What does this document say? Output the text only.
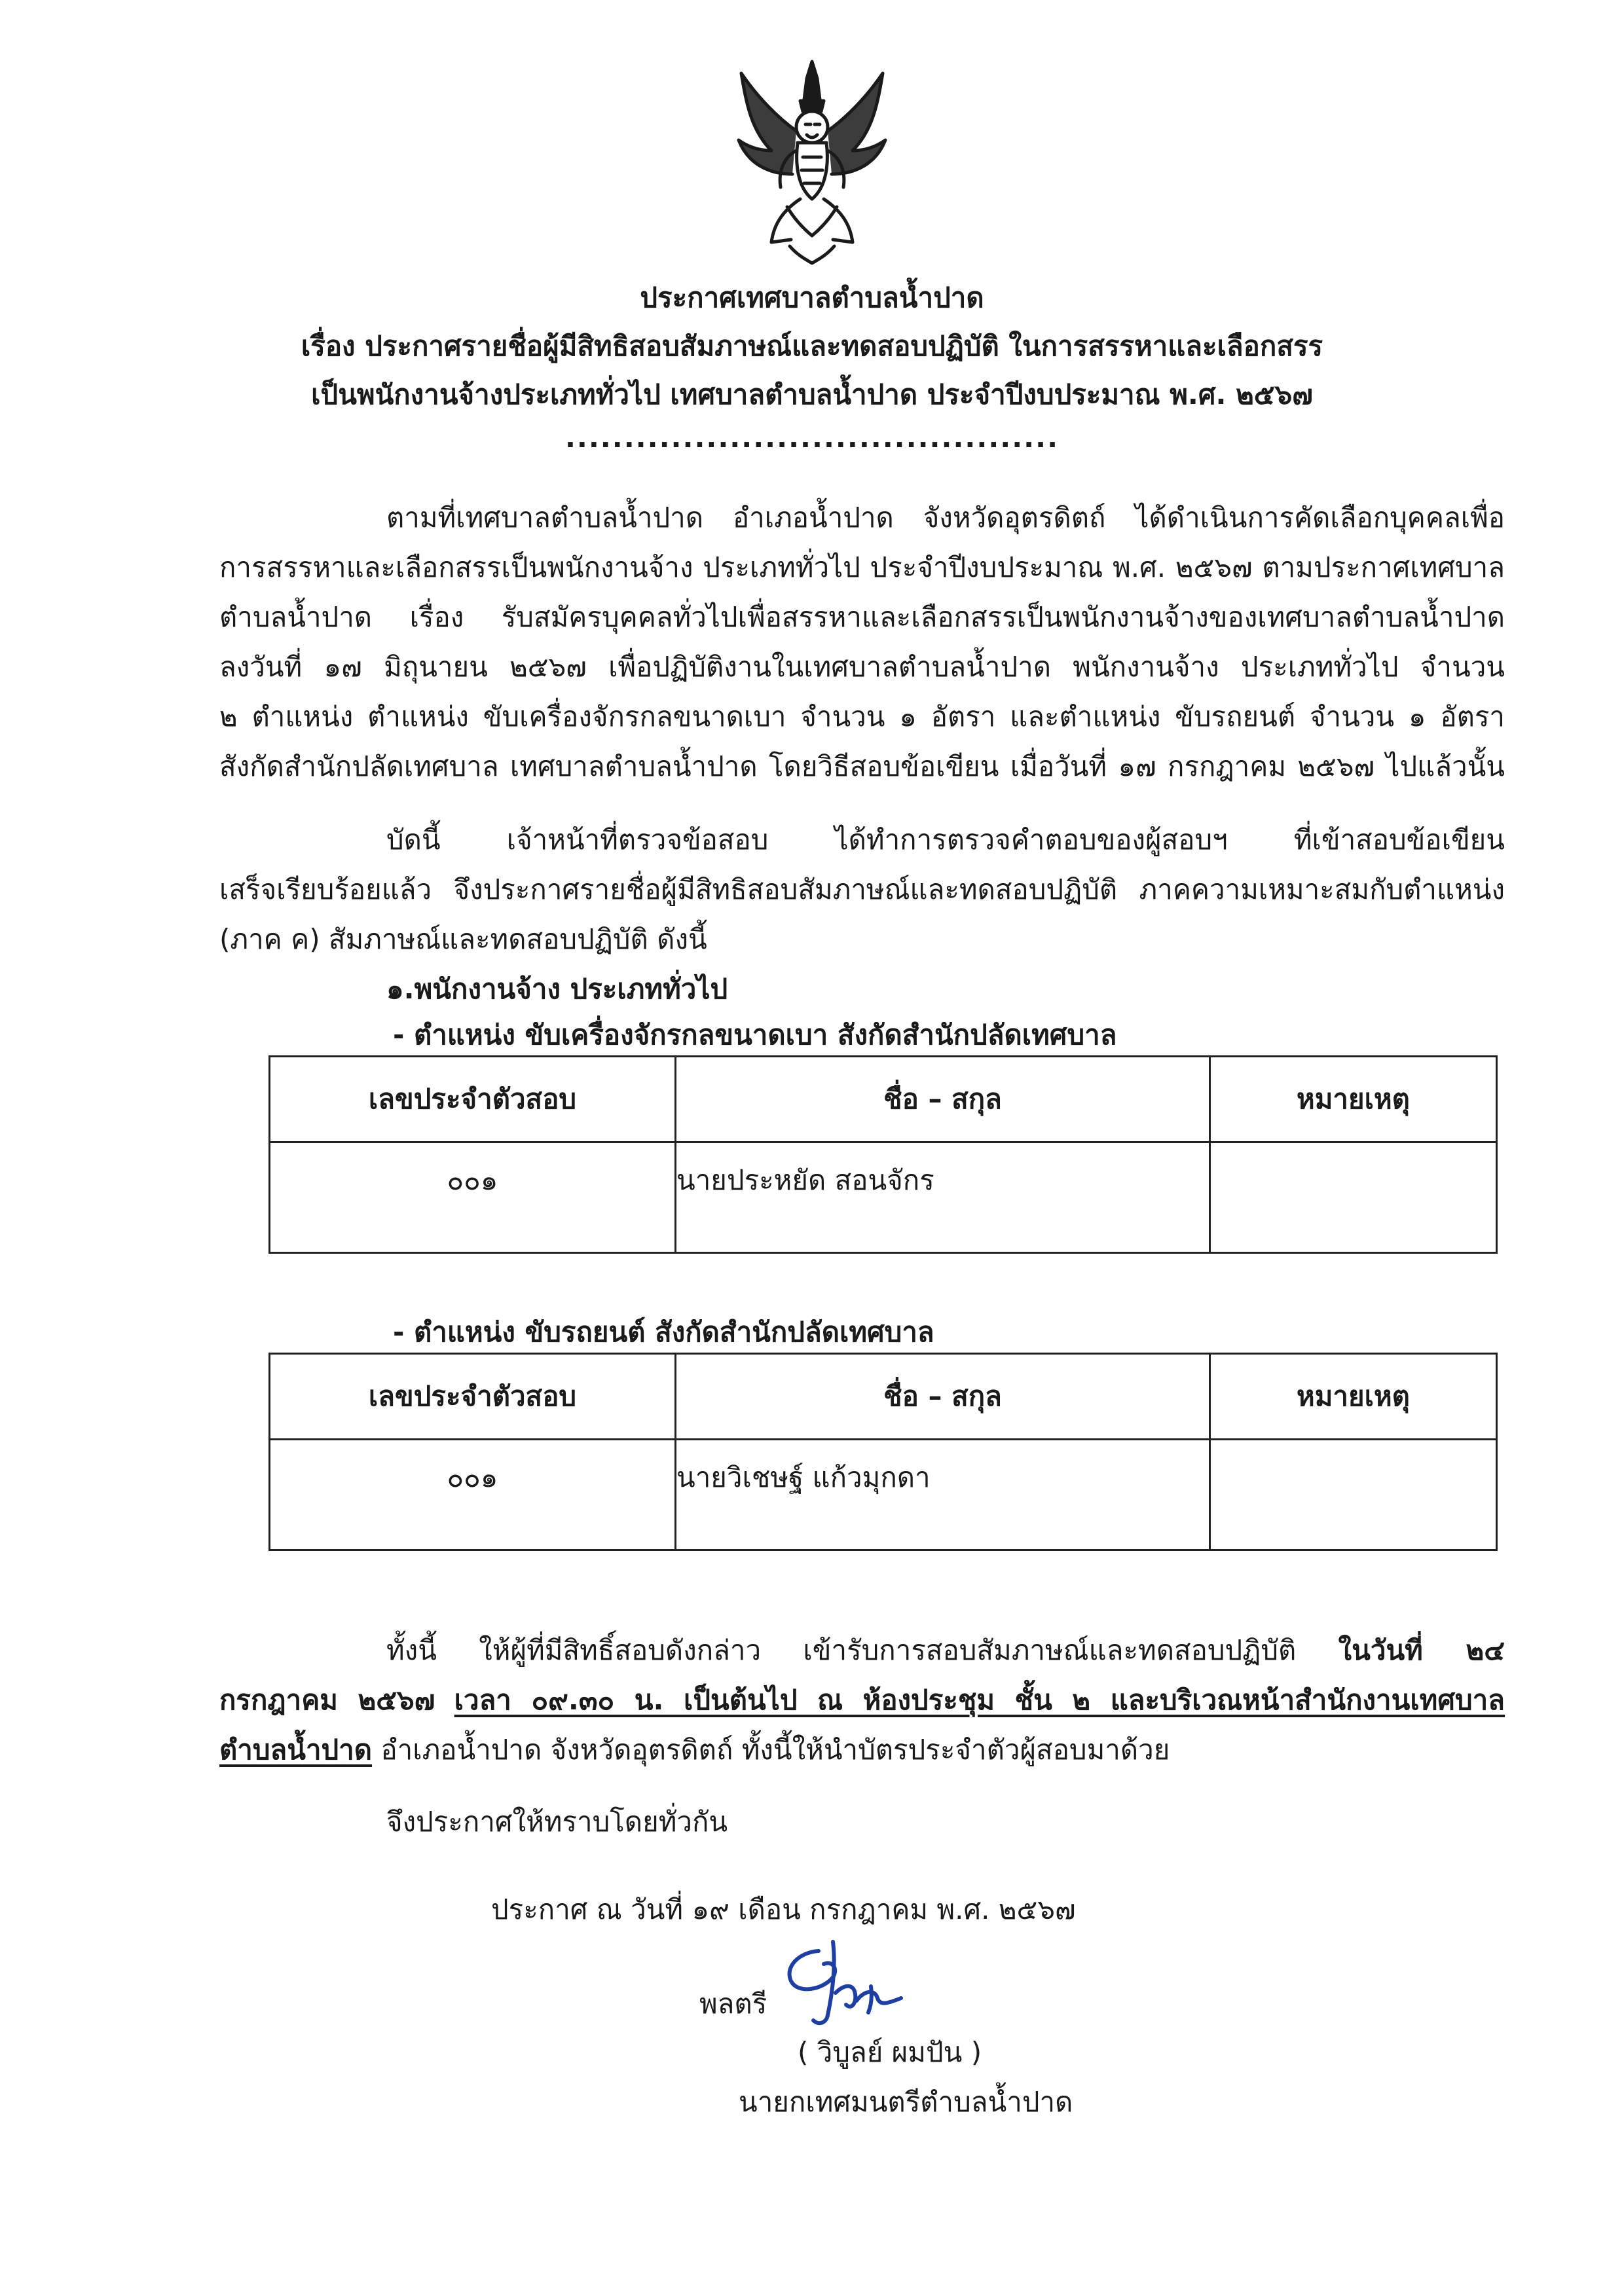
ประกาศเทศบาลตำบลน้ำปาด
เรื่อง ประกาศรายชื่อผู้มีสิทธิสอบสัมภาษณ์และทดสอบปฏิบัติ ในการสรรหาและเลือกสรร
เป็นพนักงานจ้างประเภททั่วไป เทศบาลตำบลน้ำปาด ประจำปีงบประมาณ พ.ศ. ๒๕๖๗
..........................................
ตามที่เทศบาลตำบลน้ำปาด อำเภอน้ำปาด จังหวัดอุตรดิตถ์ ได้ดำเนินการคัดเลือกบุคคลเพื่อ
การสรรหาและเลือกสรรเป็นพนักงานจ้าง ประเภททั่วไป ประจำปีงบประมาณ พ.ศ. ๒๕๖๗ ตามประกาศเทศบาล
ตำบลน้ำปาด เรื่อง รับสมัครบุคคลทั่วไปเพื่อสรรหาและเลือกสรรเป็นพนักงานจ้างของเทศบาลตำบลน้ำปาด
ลงวันที่ ๑๗ มิถุนายน ๒๕๖๗ เพื่อปฏิบัติงานในเทศบาลตำบลน้ำปาด พนักงานจ้าง ประเภททั่วไป จำนวน
๒ ตำแหน่ง ตำแหน่ง ขับเครื่องจักรกลขนาดเบา จำนวน ๑ อัตรา และตำแหน่ง ขับรถยนต์ จำนวน ๑ อัตรา
สังกัดสำนักปลัดเทศบาล เทศบาลตำบลน้ำปาด โดยวิธีสอบข้อเขียน เมื่อวันที่ ๑๗ กรกฎาคม ๒๕๖๗ ไปแล้วนั้น
บัดนี้ เจ้าหน้าที่ตรวจข้อสอบ ได้ทำการตรวจคำตอบของผู้สอบฯ ที่เข้าสอบข้อเขียน
เสร็จเรียบร้อยแล้ว จึงประกาศรายชื่อผู้มีสิทธิสอบสัมภาษณ์และทดสอบปฏิบัติ ภาคความเหมาะสมกับตำแหน่ง
(ภาค ค) สัมภาษณ์และทดสอบปฏิบัติ ดังนี้
๑.พนักงานจ้าง ประเภททั่วไป
- ตำแหน่ง ขับเครื่องจักรกลขนาดเบา สังกัดสำนักปลัดเทศบาล
เลขประจำตัวสอบ	ชื่อ – สกุล	หมายเหตุ
๐๐๑	นายประหยัด สอนจักร	
- ตำแหน่ง ขับรถยนต์ สังกัดสำนักปลัดเทศบาล
เลขประจำตัวสอบ	ชื่อ – สกุล	หมายเหตุ
๐๐๑	นายวิเชษฐ์ แก้วมุกดา	
ทั้งนี้ ให้ผู้ที่มีสิทธิ์สอบดังกล่าว เข้ารับการสอบสัมภาษณ์และทดสอบปฏิบัติ ในวันที่ ๒๔
กรกฎาคม ๒๕๖๗ เวลา ๐๙.๓๐ น. เป็นต้นไป ณ ห้องประชุม ชั้น ๒ และบริเวณหน้าสำนักงานเทศบาล
ตำบลน้ำปาด อำเภอน้ำปาด จังหวัดอุตรดิตถ์ ทั้งนี้ให้นำบัตรประจำตัวผู้สอบมาด้วย
จึงประกาศให้ทราบโดยทั่วกัน
ประกาศ ณ วันที่ ๑๙ เดือน กรกฎาคม พ.ศ. ๒๕๖๗
พลตรี
( วิบูลย์ ผมปัน )
นายกเทศมนตรีตำบลน้ำปาด
